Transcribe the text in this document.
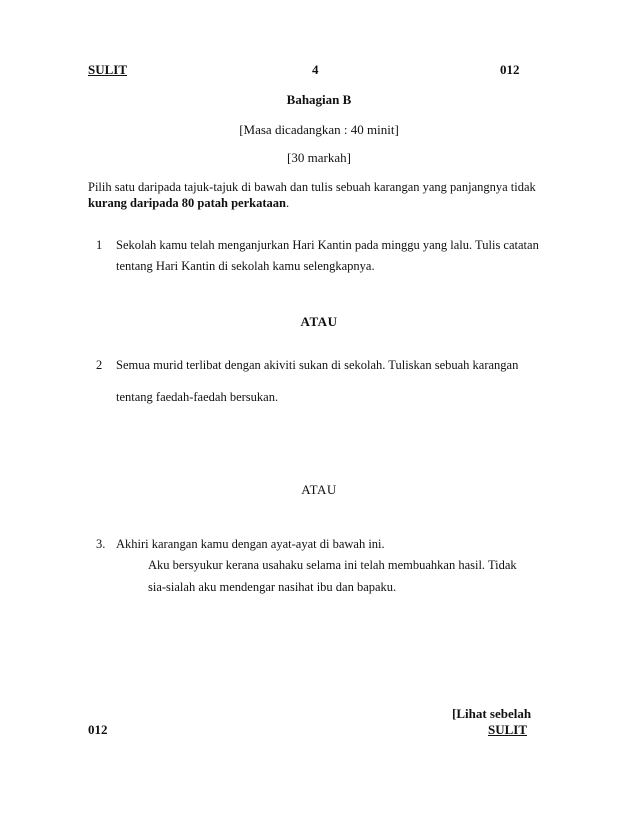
SULIT	4	012
Bahagian B
[Masa dicadangkan : 40 minit]
[30 markah]
Pilih satu daripada tajuk-tajuk di bawah dan tulis sebuah karangan yang panjangnya tidak
kurang daripada 80 patah perkataan.
1 Sekolah kamu telah menganjurkan Hari Kantin pada minggu yang lalu. Tulis catatan
tentang Hari Kantin di sekolah kamu selengkapnya.
ATAU
2 Semua murid terlibat dengan akiviti sukan di sekolah. Tuliskan sebuah karangan
tentang faedah-faedah bersukan.
ATAU
3. Akhiri karangan kamu dengan ayat-ayat di bawah ini.
Aku bersyukur kerana usahaku selama ini telah membuahkan hasil. Tidak
sia-sialah aku mendengar nasihat ibu dan bapaku.
[Lihat sebelah
012	SULIT
